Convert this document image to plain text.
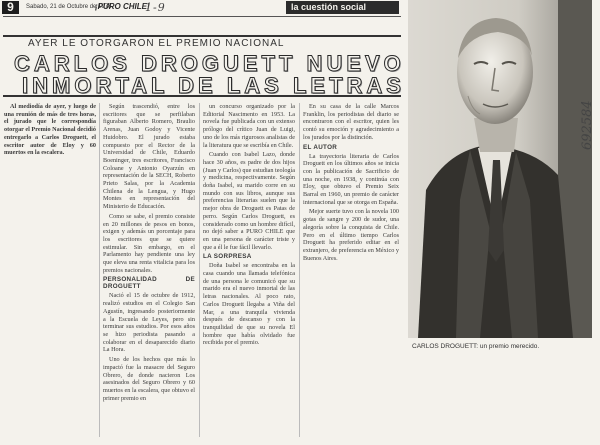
9	Sabado, 21 de Octubre de 1978
¡PURO CHILE!
1-9	la cuestión social
AYER LE OTORGARON EL PREMIO NACIONAL
CARLOS DROGUETT NUEVO
INMORTAL DE LAS LETRAS

Al mediodía de ayer, y luego de una reunión de más de tres horas, el jurado que le correspondía otorgar el Premio Nacional decidió entregarlo a Carlos Droguett, el escritor autor de Eloy y 60 muertos en la escalera.

Según trascendió, entre los escritores que se perfilaban figuraban Alberto Romero, Braulio Arenas, Juan Godoy y Vicente Huidobro. El jurado estaba compuesto por el Rector de la Universidad de Chile, Eduardo Boeninger, tres escritores, Francisco Coloane y Antonio Oyarzún en representación de la SECH, Roberto Prieto Salas, por la Academia Chilena de la Lengua, y Hugo Montes en representación del Ministerio de Educación.

Como se sabe, el premio consiste en 20 millones de pesos en bonos, exigen y además un porcentaje para los escritores que se quiere estimular. Sin embargo, en el Parlamento hay pendiente una ley que eleva una renta vitalicia para los premios nacionales.

PERSONALIDAD DE DROGUETT

Nació el 15 de octubre de 1912, realizó estudios en el Colegio San Agustín, ingresando posteriormente a la Escuela de Leyes, pero sin terminar sus estudios. Por esos años se hizo periodista pasando a colaborar en el desaparecido diario La Hora.

Uno de los hechos que más lo impactó fue la masacre del Seguro Obrero, de donde nacieron Los asesinados del Seguro Obrero y 60 muertos en la escalera, que obtuvo el primer premio en

un concurso organizado por la Editorial Nascimento en 1953. La novela fue publicada con un extenso prólogo del crítico Juan de Luigi, uno de los más rigurosos analistas de la literatura que se escribía en Chile.

Cuando con Isabel Lazo, donde hace 30 años, es padre de dos hijos (Juan y Carlos) que estudian teología y medicina, respectivamente. Según doña Isabel, su marido corre en su mundo con sus libros, aunque sus preferencias literarias suelen que la mejor obra de Droguett es Patas de perro. Según Carlos Droguett, es considerado como un hombre difícil, no dejó saber a PURO CHILE que en una persona de carácter triste y que a él le fue fácil llevarlo.

LA SORPRESA

Doña Isabel se encontraba en la casa cuando una llamada telefónica de una persona le comunicó que su marido era el nuevo inmortal de las letras nacionales. Al poco rato, Carlos Droguett llegaba a Viña del Mar, a una tranquila vivienda después de descanso y con la tranquilidad de que su novela El hombre que había olvidado fue recibida por el premio.

En su casa de la calle Marcos Franklin, los periodistas del diario se encontraron con el escritor, quien les contó su emoción y agradecimiento a los jurados por la distinción.

EL AUTOR

La trayectoria literaria de Carlos Droguett en los últimos años se inicia con la publicación de Sacrificio de una noche, en 1938, y continúa con Eloy, que obtuvo el Premio Seix Barral en 1960, un premio de carácter internacional que se otorga en España.

Mejor suerte tuvo con la novela 100 gotas de sangre y 200 de sudor, una alegoría sobre la conquista de Chile. Pero en el último tiempo Carlos Droguett ha preferido editar en el extranjero, de preferencia en México y Buenos Aires.

CARLOS DROGUETT: un premio merecido.
692584
